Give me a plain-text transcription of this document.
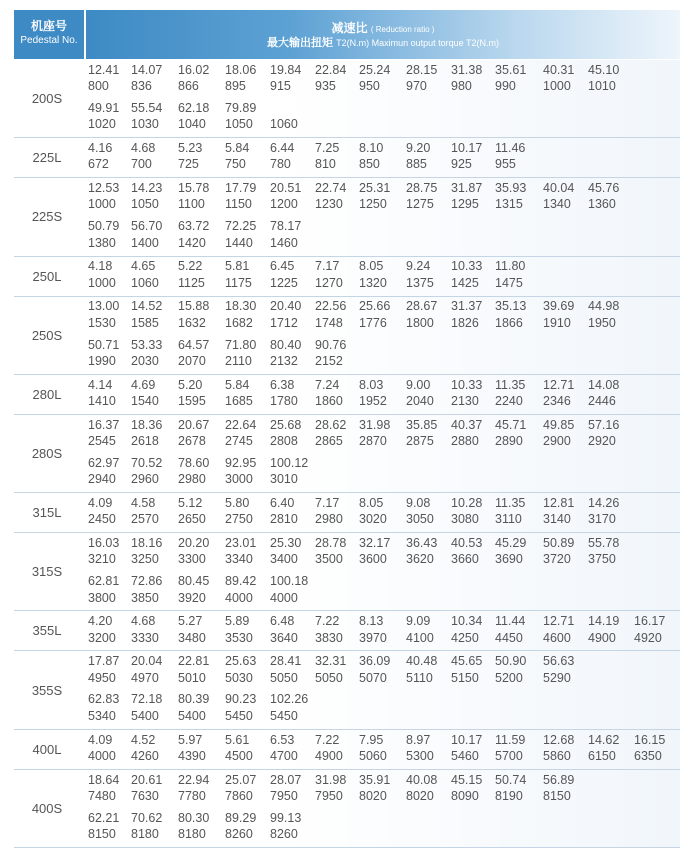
机座号
Pedestal No.
减速比 ( Reduction ratio )
最大输出扭矩 T2(N.m) Maximun output torque T2(N.m)
200S
12.41
800
14.07
836
16.02
866
18.06
895
19.84
915
22.84
935
25.24
950
28.15
970
31.38
980
35.61
990
40.31
1000
45.10
1010
49.91
1020
55.54
1030
62.18
1040
79.89
1050 1060
225L
4.16
672
4.68
700
5.23
725
5.84
750
6.44
780
7.25
810
8.10
850
9.20
885
10.17
925
11.46
955
225S
12.53
1000
14.23
1050
15.78
1100
17.79
1150
20.51
1200
22.74
1230
25.31
1250
28.75
1275
31.87
1295
35.93
1315
40.04
1340
45.76
1360
50.79
1380
56.70
1400
63.72
1420
72.25
1440
78.17
1460
250L
4.18
1000
4.65
1060
5.22
1125
5.81
1175
6.45
1225
7.17
1270
8.05
1320
9.24
1375
10.33
1425
11.80
1475
250S
13.00
1530
14.52
1585
15.88
1632
18.30
1682
20.40
1712
22.56
1748
25.66
1776
28.67
1800
31.37
1826
35.13
1866
39.69
1910
44.98
1950
50.71
1990
53.33
2030
64.57
2070
71.80
2110
80.40
2132
90.76
2152
280L
4.14
1410
4.69
1540
5.20
1595
5.84
1685
6.38
1780
7.24
1860
8.03
1952
9.00
2040
10.33
2130
11.35
2240
12.71
2346
14.08
2446
280S
16.37
2545
18.36
2618
20.67
2678
22.64
2745
25.68
2808
28.62
2865
31.98
2870
35.85
2875
40.37
2880
45.71
2890
49.85
2900
57.16
2920
62.97
2940
70.52
2960
78.60
2980
92.95
3000
100.12
3010
315L
4.09
2450
4.58
2570
5.12
2650
5.80
2750
6.40
2810
7.17
2980
8.05
3020
9.08
3050
10.28
3080
11.35
3110
12.81
3140
14.26
3170
315S
16.03
3210
18.16
3250
20.20
3300
23.01
3340
25.30
3400
28.78
3500
32.17
3600
36.43
3620
40.53
3660
45.29
3690
50.89
3720
55.78
3750
62.81
3800
72.86
3850
80.45
3920
89.42
4000
100.18
4000
355L
4.20
3200
4.68
3330
5.27
3480
5.89
3530
6.48
3640
7.22
3830
8.13
3970
9.09
4100
10.34
4250
11.44
4450
12.71
4600
14.19
4900
16.17
4920
355S
17.87
4950
20.04
4970
22.81
5010
25.63
5030
28.41
5050
32.31
5050
36.09
5070
40.48
5110
45.65
5150
50.90
5200
56.63
5290
62.83
5340
72.18
5400
80.39
5400
90.23
5450
102.26
5450
400L
4.09
4000
4.52
4260
5.97
4390
5.61
4500
6.53
4700
7.22
4900
7.95
5060
8.97
5300
10.17
5460
11.59
5700
12.68
5860
14.62
6150
16.15
6350
400S
18.64
7480
20.61
7630
22.94
7780
25.07
7860
28.07
7950
31.98
7950
35.91
8020
40.08
8020
45.15
8090
50.74
8190
56.89
8150
62.21
8150
70.62
8180
80.30
8180
89.29
8260
99.13
8260
